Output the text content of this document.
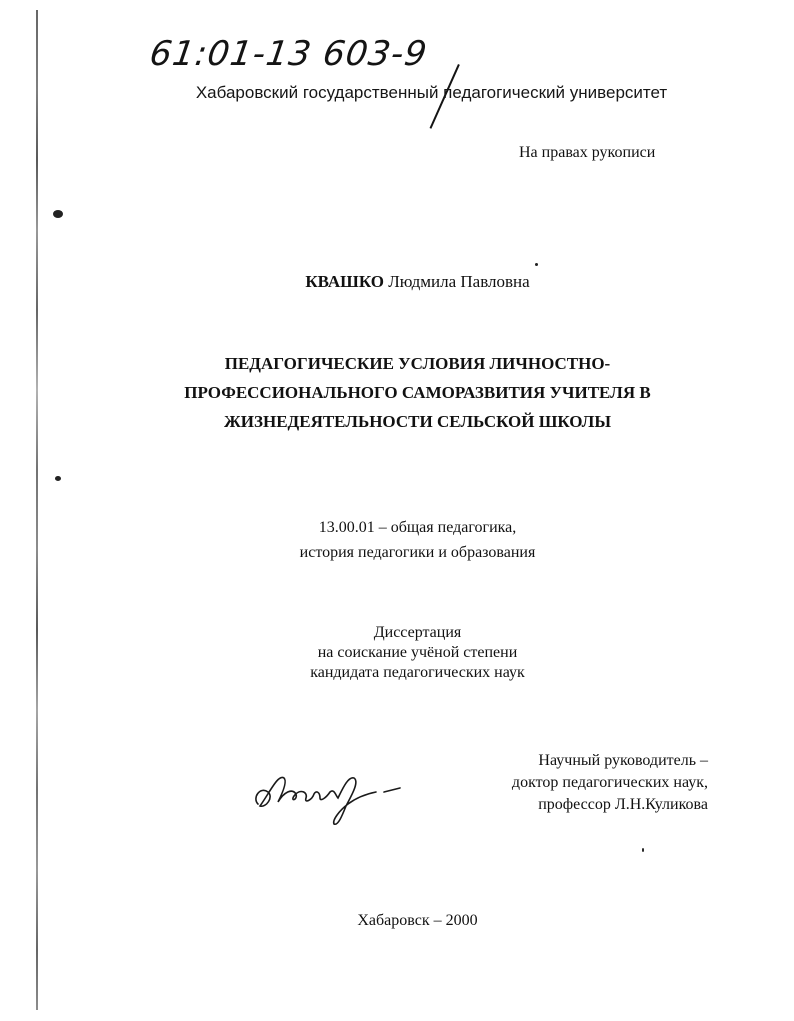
61:01-13 603-9
Хабаровский государственный педагогический университет
На правах рукописи
КВАШКО Людмила Павловна
ПЕДАГОГИЧЕСКИЕ УСЛОВИЯ ЛИЧНОСТНО-
ПРОФЕССИОНАЛЬНОГО САМОРАЗВИТИЯ УЧИТЕЛЯ В
ЖИЗНЕДЕЯТЕЛЬНОСТИ СЕЛЬСКОЙ ШКОЛЫ
13.00.01 – общая педагогика,
история педагогики и образования
Диссертация
на соискание учёной степени
кандидата педагогических наук
Научный руководитель –
доктор педагогических наук,
профессор Л.Н.Куликова
Хабаровск – 2000
